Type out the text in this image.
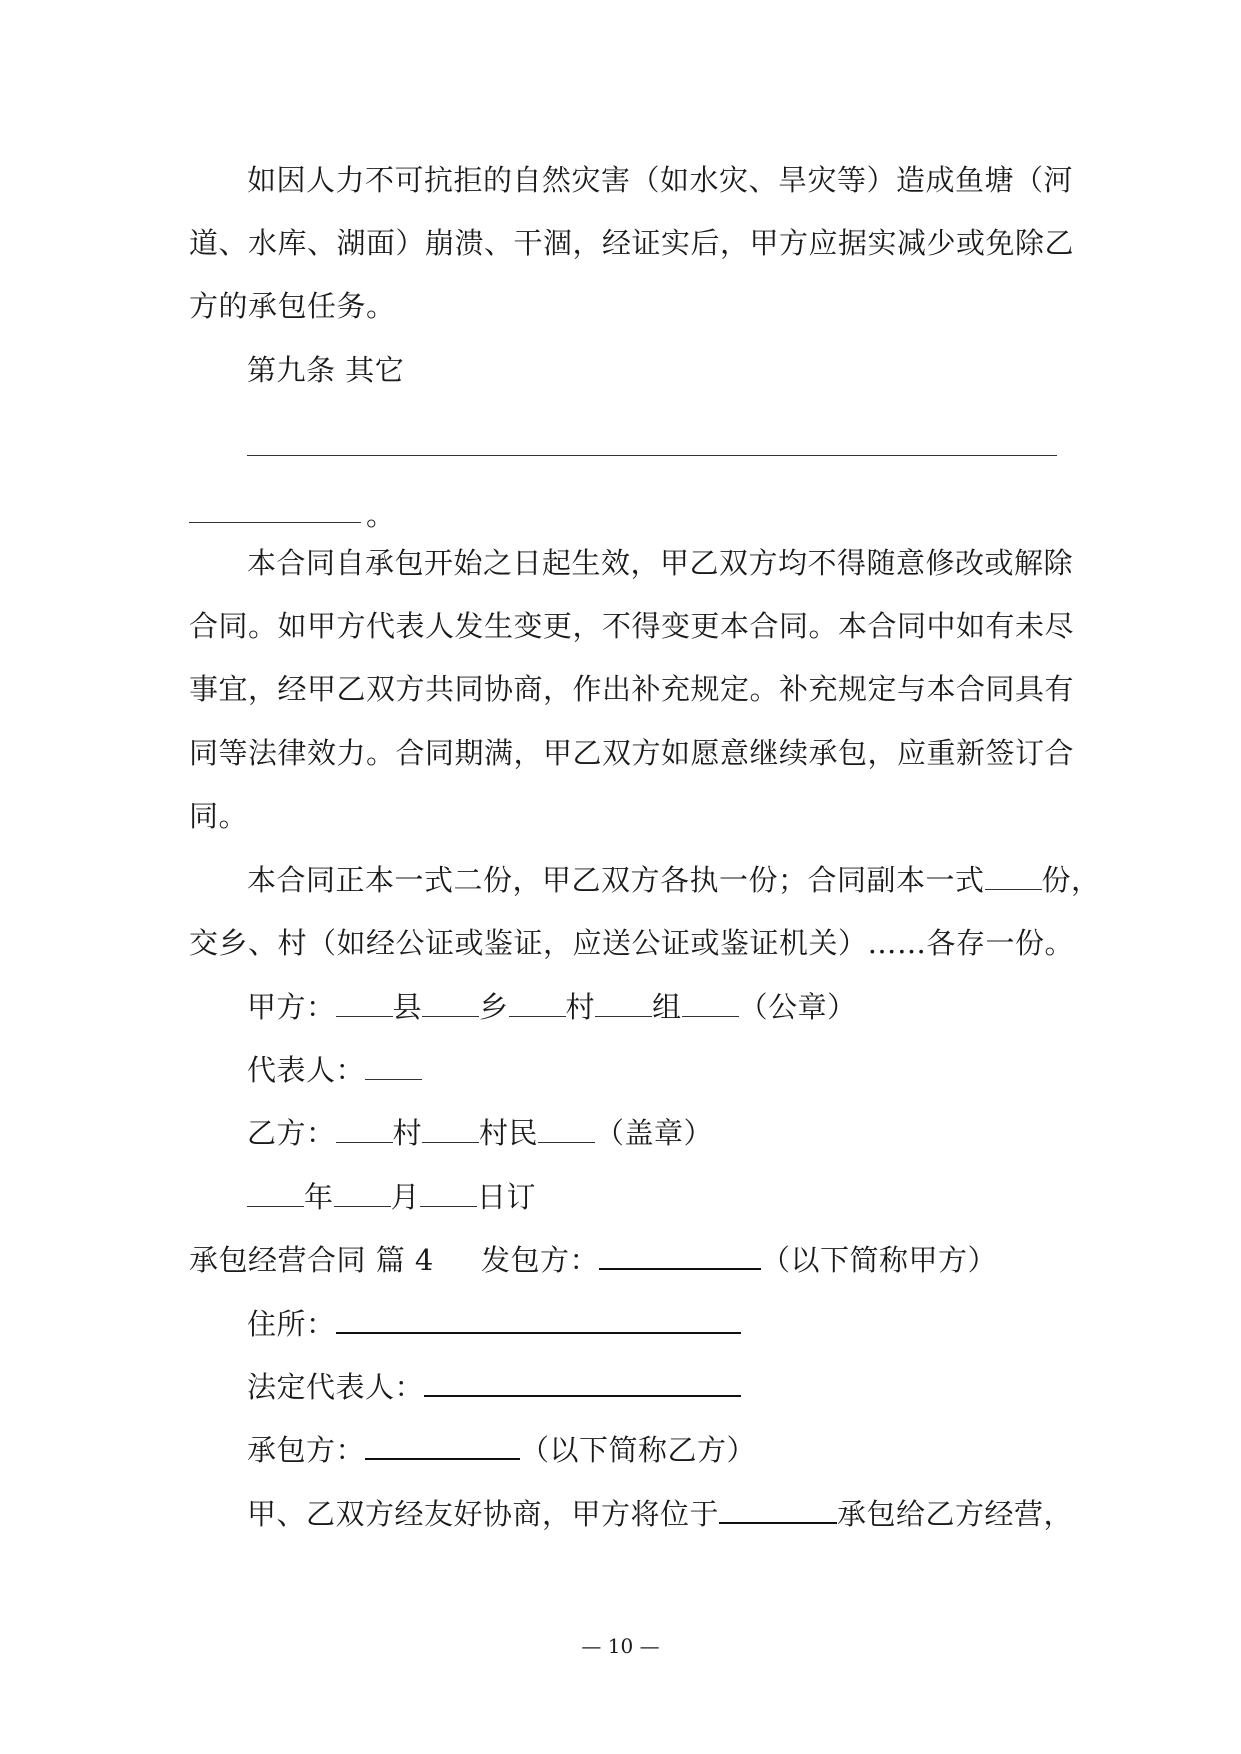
如因人力不可抗拒的自然灾害（如水灾、旱灾等）造成鱼塘（河
道、水库、湖面）崩溃、干涸，经证实后，甲方应据实减少或免除乙
方的承包任务。
第九条 其它
。
本合同自承包开始之日起生效，甲乙双方均不得随意修改或解除
合同。如甲方代表人发生变更，不得变更本合同。本合同中如有未尽
事宜，经甲乙双方共同协商，作出补充规定。补充规定与本合同具有
同等法律效力。合同期满，甲乙双方如愿意继续承包，应重新签订合
同。
本合同正本一式二份，甲乙双方各执一份；合同副本一式 份，
交乡、村（如经公证或鉴证，应送公证或鉴证机关）……各存一份。
甲方： 县 乡 村 组 （公章）
代表人：
乙方： 村 村民 （盖章）
年 月 日订
承包经营合同 篇 4 发包方：	（以下简称甲方）
住所：
法定代表人：
承包方：	（以下简称乙方）
甲、乙双方经友好协商，甲方将位于	承包给乙方经营，
— 10 —
